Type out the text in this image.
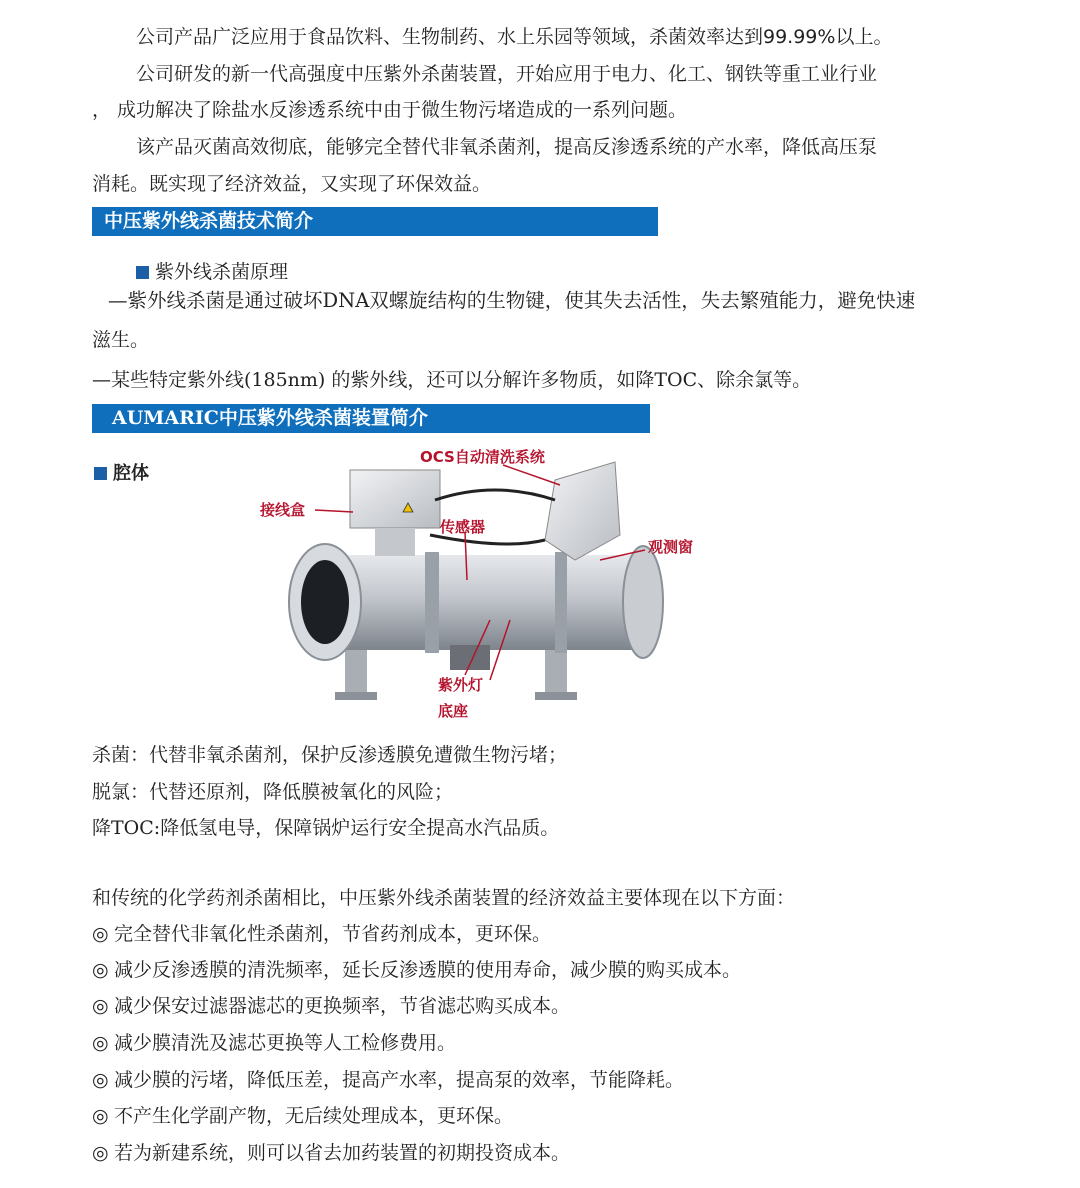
公司产品广泛应用于食品饮料、生物制药、水上乐园等领域，杀菌效率达到99.99%以上。
公司研发的新一代高强度中压紫外杀菌装置，开始应用于电力、化工、钢铁等重工业行业
， 成功解决了除盐水反渗透系统中由于微生物污堵造成的一系列问题。
该产品灭菌高效彻底，能够完全替代非氧杀菌剂，提高反渗透系统的产水率，降低高压泵
消耗。既实现了经济效益，又实现了环保效益。
中压紫外线杀菌技术简介
紫外线杀菌原理
—紫外线杀菌是通过破坏DNA双螺旋结构的生物键，使其失去活性，失去繁殖能力，避免快速
滋生。
—某些特定紫外线(185nm) 的紫外线，还可以分解许多物质，如降TOC、除余氯等。
AUMARIC中压紫外线杀菌装置简介
腔体
OCS自动清洗系统
接线盒
传感器
观测窗
紫外灯
底座
杀菌：代替非氧杀菌剂，保护反渗透膜免遭微生物污堵；
脱氯：代替还原剂，降低膜被氧化的风险；
降TOC:降低氢电导，保障锅炉运行安全提高水汽品质。
和传统的化学药剂杀菌相比，中压紫外线杀菌装置的经济效益主要体现在以下方面：
◎ 完全替代非氧化性杀菌剂，节省药剂成本，更环保。
◎ 减少反渗透膜的清洗频率，延长反渗透膜的使用寿命，减少膜的购买成本。
◎ 减少保安过滤器滤芯的更换频率，节省滤芯购买成本。
◎ 减少膜清洗及滤芯更换等人工检修费用。
◎ 减少膜的污堵，降低压差，提高产水率，提高泵的效率，节能降耗。
◎ 不产生化学副产物，无后续处理成本，更环保。
◎ 若为新建系统，则可以省去加药装置的初期投资成本。
